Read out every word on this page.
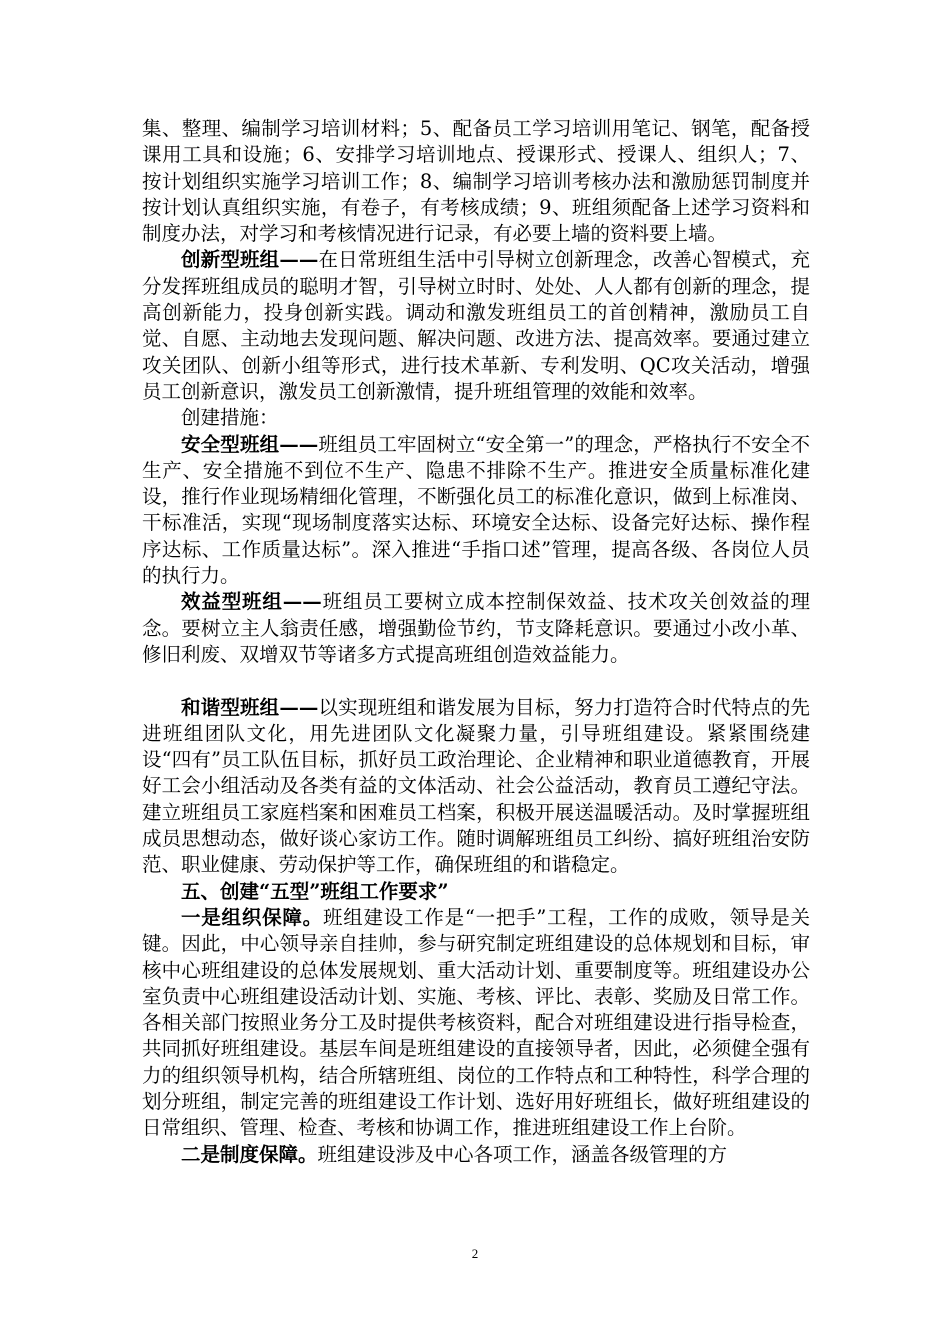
集、整理、编制学习培训材料；5、配备员工学习培训用笔记、钢笔，配备授课用工具和设施；6、安排学习培训地点、授课形式、授课人、组织人；7、按计划组织实施学习培训工作；8、编制学习培训考核办法和激励惩罚制度并按计划认真组织实施，有卷子，有考核成绩；9、班组须配备上述学习资料和制度办法，对学习和考核情况进行记录，有必要上墙的资料要上墙。

创新型班组——在日常班组生活中引导树立创新理念，改善心智模式，充分发挥班组成员的聪明才智，引导树立时时、处处、人人都有创新的理念，提高创新能力，投身创新实践。调动和激发班组员工的首创精神，激励员工自觉、自愿、主动地去发现问题、解决问题、改进方法、提高效率。要通过建立攻关团队、创新小组等形式，进行技术革新、专利发明、QC攻关活动，增强员工创新意识，激发员工创新激情，提升班组管理的效能和效率。

创建措施：

安全型班组——班组员工牢固树立“安全第一”的理念，严格执行不安全不生产、安全措施不到位不生产、隐患不排除不生产。推进安全质量标准化建设，推行作业现场精细化管理，不断强化员工的标准化意识，做到上标准岗、干标准活，实现“现场制度落实达标、环境安全达标、设备完好达标、操作程序达标、工作质量达标”。深入推进“手指口述”管理，提高各级、各岗位人员的执行力。

效益型班组——班组员工要树立成本控制保效益、技术攻关创效益的理念。要树立主人翁责任感，增强勤俭节约，节支降耗意识。要通过小改小革、修旧利废、双增双节等诸多方式提高班组创造效益能力。

和谐型班组——以实现班组和谐发展为目标，努力打造符合时代特点的先进班组团队文化，用先进团队文化凝聚力量，引导班组建设。紧紧围绕建设“四有”员工队伍目标，抓好员工政治理论、企业精神和职业道德教育，开展好工会小组活动及各类有益的文体活动、社会公益活动，教育员工遵纪守法。建立班组员工家庭档案和困难员工档案，积极开展送温暖活动。及时掌握班组成员思想动态，做好谈心家访工作。随时调解班组员工纠纷、搞好班组治安防范、职业健康、劳动保护等工作，确保班组的和谐稳定。

五、创建“五型”班组工作要求”

一是组织保障。班组建设工作是“一把手”工程，工作的成败，领导是关键。因此，中心领导亲自挂帅，参与研究制定班组建设的总体规划和目标，审核中心班组建设的总体发展规划、重大活动计划、重要制度等。班组建设办公室负责中心班组建设活动计划、实施、考核、评比、表彰、奖励及日常工作。各相关部门按照业务分工及时提供考核资料，配合对班组建设进行指导检查，共同抓好班组建设。基层车间是班组建设的直接领导者，因此，必须健全强有力的组织领导机构，结合所辖班组、岗位的工作特点和工种特性，科学合理的划分班组，制定完善的班组建设工作计划、选好用好班组长，做好班组建设的日常组织、管理、检查、考核和协调工作，推进班组建设工作上台阶。

二是制度保障。班组建设涉及中心各项工作，涵盖各级管理的方

2
